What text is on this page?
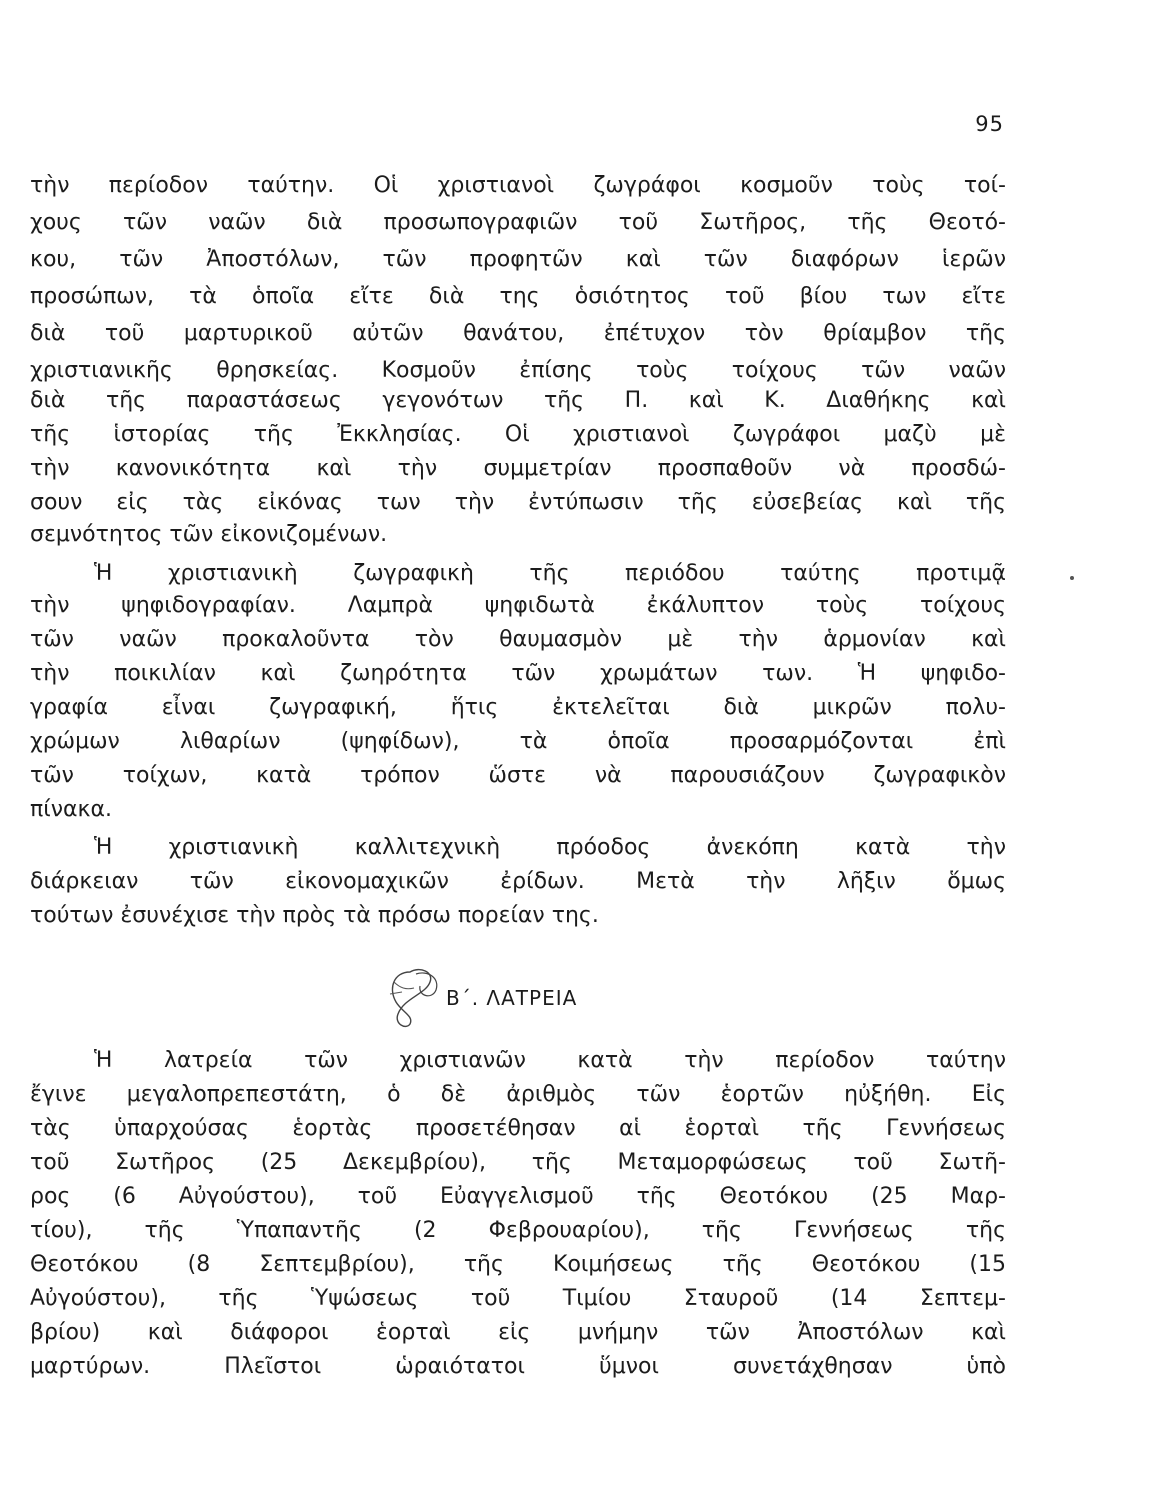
95
τὴν περίοδον ταύτην. Οἱ χριστιανοὶ ζωγράφοι κοσμοῦν τοὺς τοί-
χους τῶν ναῶν διὰ προσωπογραφιῶν τοῦ Σωτῆρος, τῆς Θεοτό-
κου, τῶν Ἀποστόλων, τῶν προφητῶν καὶ τῶν διαφόρων ἱερῶν
προσώπων, τὰ ὁποῖα εἴτε διὰ της ὁσιότητος τοῦ βίου των εἴτε
διὰ τοῦ μαρτυρικοῦ αὐτῶν θανάτου, ἐπέτυχον τὸν θρίαμβον τῆς
χριστιανικῆς θρησκείας. Κοσμοῦν ἐπίσης τοὺς τοίχους τῶν ναῶν
διὰ τῆς παραστάσεως γεγονότων τῆς Π. καὶ Κ. Διαθήκης καὶ
τῆς ἱστορίας τῆς Ἐκκλησίας. Οἱ χριστιανοὶ ζωγράφοι μαζὺ μὲ
τὴν κανονικότητα καὶ τὴν συμμετρίαν προσπαθοῦν νὰ προσδώ-
σουν εἰς τὰς εἰκόνας των τὴν ἐντύπωσιν τῆς εὐσεβείας καὶ τῆς
σεμνότητος τῶν εἰκονιζομένων.
Ἡ χριστιανικὴ ζωγραφικὴ τῆς περιόδου ταύτης προτιμᾷ
τὴν ψηφιδογραφίαν. Λαμπρὰ ψηφιδωτὰ ἐκάλυπτον τοὺς τοίχους
τῶν ναῶν προκαλοῦντα τὸν θαυμασμὸν μὲ τὴν ἁρμονίαν καὶ
τὴν ποικιλίαν καὶ ζωηρότητα τῶν χρωμάτων των. Ἡ ψηφιδο-
γραφία εἶναι ζωγραφική, ἥτις ἐκτελεῖται διὰ μικρῶν πολυ-
χρώμων λιθαρίων (ψηφίδων), τὰ ὁποῖα προσαρμόζονται ἐπὶ
τῶν τοίχων, κατὰ τρόπον ὥστε νὰ παρουσιάζουν ζωγραφικὸν
πίνακα.
Ἡ χριστιανικὴ καλλιτεχνικὴ πρόοδος ἀνεκόπη κατὰ τὴν
διάρκειαν τῶν εἰκονομαχικῶν ἐρίδων. Μετὰ τὴν λῆξιν ὅμως
τούτων ἐσυνέχισε τὴν πρὸς τὰ πρόσω πορείαν της.
Β΄. ΛΑΤΡΕΙΑ
Ἡ λατρεία τῶν χριστιανῶν κατὰ τὴν περίοδον ταύτην
ἔγινε μεγαλοπρεπεστάτη, ὁ δὲ ἀριθμὸς τῶν ἑορτῶν ηὐξήθη. Εἰς
τὰς ὑπαρχούσας ἑορτὰς προσετέθησαν αἱ ἑορταὶ τῆς Γεννήσεως
τοῦ Σωτῆρος (25 Δεκεμβρίου), τῆς Μεταμορφώσεως τοῦ Σωτῆ-
ρος (6 Αὐγούστου), τοῦ Εὐαγγελισμοῦ τῆς Θεοτόκου (25 Μαρ-
τίου), τῆς Ὑπαπαντῆς (2 Φεβρουαρίου), τῆς Γεννήσεως τῆς
Θεοτόκου (8 Σεπτεμβρίου), τῆς Κοιμήσεως τῆς Θεοτόκου (15
Αὐγούστου), τῆς Ὑψώσεως τοῦ Τιμίου Σταυροῦ (14 Σεπτεμ-
βρίου) καὶ διάφοροι ἑορταὶ εἰς μνήμην τῶν Ἀποστόλων καὶ
μαρτύρων. Πλεῖστοι ὡραιότατοι ὕμνοι συνετάχθησαν ὑπὸ
